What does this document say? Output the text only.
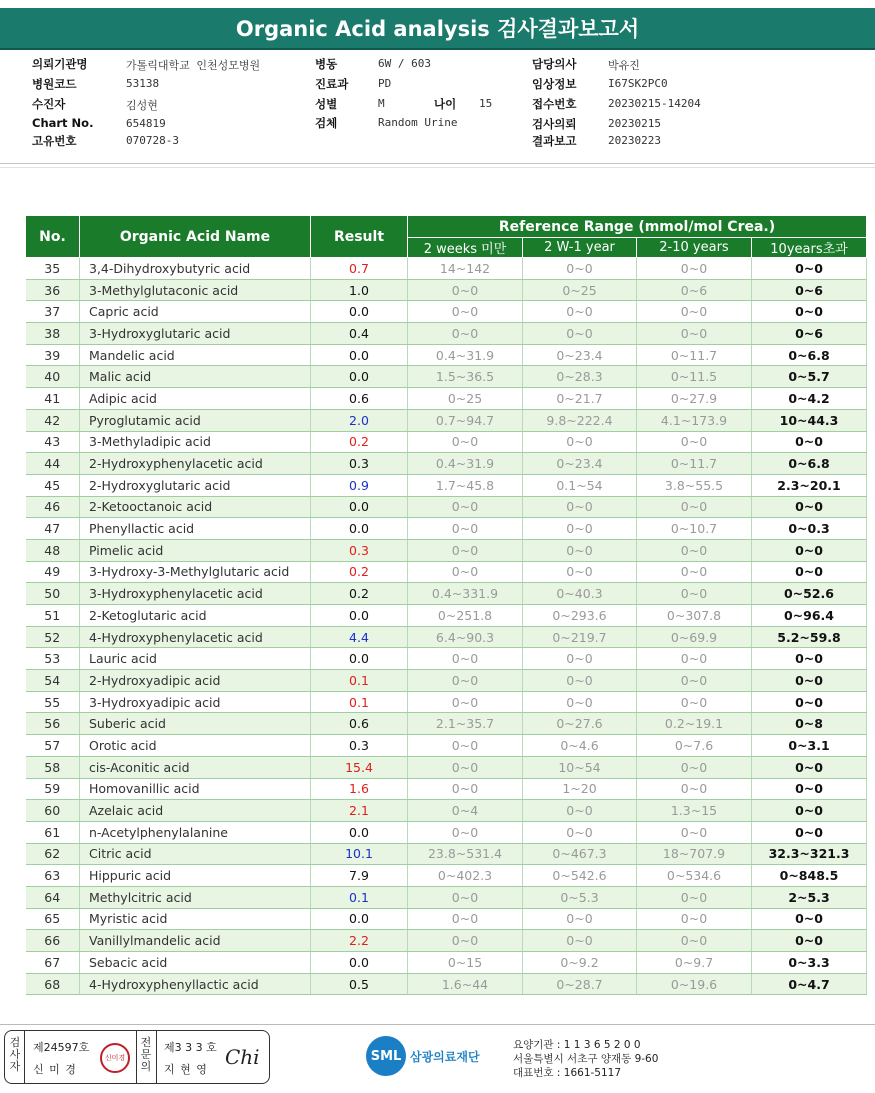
Organic Acid analysis 검사결과보고서
의뢰기관명	가톨릭대학교 인천성모병원
병원코드	53138
수진자	김성현
Chart No.	654819
고유번호	070728-3
병동	6W / 603
진료과	PD
성별	M	나이 15
검체	Random Urine
담당의사	박유진
임상정보	I67SK2PC0
접수번호	20230215-14204
검사의뢰	20230215
결과보고	20230223
No.	Organic Acid Name	Result	Reference Range (mmol/mol Crea.)			
			2 weeks 미만	2 W-1 year	2-10 years	10years초과
35	3,4-Dihydroxybutyric acid	0.7	14~142	0~0	0~0	0~0
36	3-Methylglutaconic acid	1.0	0~0	0~25	0~6	0~6
37	Capric acid	0.0	0~0	0~0	0~0	0~0
38	3-Hydroxyglutaric acid	0.4	0~0	0~0	0~0	0~6
39	Mandelic acid	0.0	0.4~31.9	0~23.4	0~11.7	0~6.8
40	Malic acid	0.0	1.5~36.5	0~28.3	0~11.5	0~5.7
41	Adipic acid	0.6	0~25	0~21.7	0~27.9	0~4.2
42	Pyroglutamic acid	2.0	0.7~94.7	9.8~222.4	4.1~173.9	10~44.3
43	3-Methyladipic acid	0.2	0~0	0~0	0~0	0~0
44	2-Hydroxyphenylacetic acid	0.3	0.4~31.9	0~23.4	0~11.7	0~6.8
45	2-Hydroxyglutaric acid	0.9	1.7~45.8	0.1~54	3.8~55.5	2.3~20.1
46	2-Ketooctanoic acid	0.0	0~0	0~0	0~0	0~0
47	Phenyllactic acid	0.0	0~0	0~0	0~10.7	0~0.3
48	Pimelic acid	0.3	0~0	0~0	0~0	0~0
49	3-Hydroxy-3-Methylglutaric acid	0.2	0~0	0~0	0~0	0~0
50	3-Hydroxyphenylacetic acid	0.2	0.4~331.9	0~40.3	0~0	0~52.6
51	2-Ketoglutaric acid	0.0	0~251.8	0~293.6	0~307.8	0~96.4
52	4-Hydroxyphenylacetic acid	4.4	6.4~90.3	0~219.7	0~69.9	5.2~59.8
53	Lauric acid	0.0	0~0	0~0	0~0	0~0
54	2-Hydroxyadipic acid	0.1	0~0	0~0	0~0	0~0
55	3-Hydroxyadipic acid	0.1	0~0	0~0	0~0	0~0
56	Suberic acid	0.6	2.1~35.7	0~27.6	0.2~19.1	0~8
57	Orotic acid	0.3	0~0	0~4.6	0~7.6	0~3.1
58	cis-Aconitic acid	15.4	0~0	10~54	0~0	0~0
59	Homovanillic acid	1.6	0~0	1~20	0~0	0~0
60	Azelaic acid	2.1	0~4	0~0	1.3~15	0~0
61	n-Acetylphenylalanine	0.0	0~0	0~0	0~0	0~0
62	Citric acid	10.1	23.8~531.4	0~467.3	18~707.9	32.3~321.3
63	Hippuric acid	7.9	0~402.3	0~542.6	0~534.6	0~848.5
64	Methylcitric acid	0.1	0~0	0~5.3	0~0	2~5.3
65	Myristic acid	0.0	0~0	0~0	0~0	0~0
66	Vanillylmandelic acid	2.2	0~0	0~0	0~0	0~0
67	Sebacic acid	0.0	0~15	0~9.2	0~9.7	0~3.3
68	4-Hydroxyphenyllactic acid	0.5	1.6~44	0~28.7	0~19.6	0~4.7
검
사
자
제24597호
신 미 경
신미경
전
문
의
제3 3 3 호
지 현 영
Chi	SML 삼광의료재단
요양기관 : 1 1 3 6 5 2 0 0
서울특별시 서초구 양재동 9-60
대표번호 : 1661-5117
